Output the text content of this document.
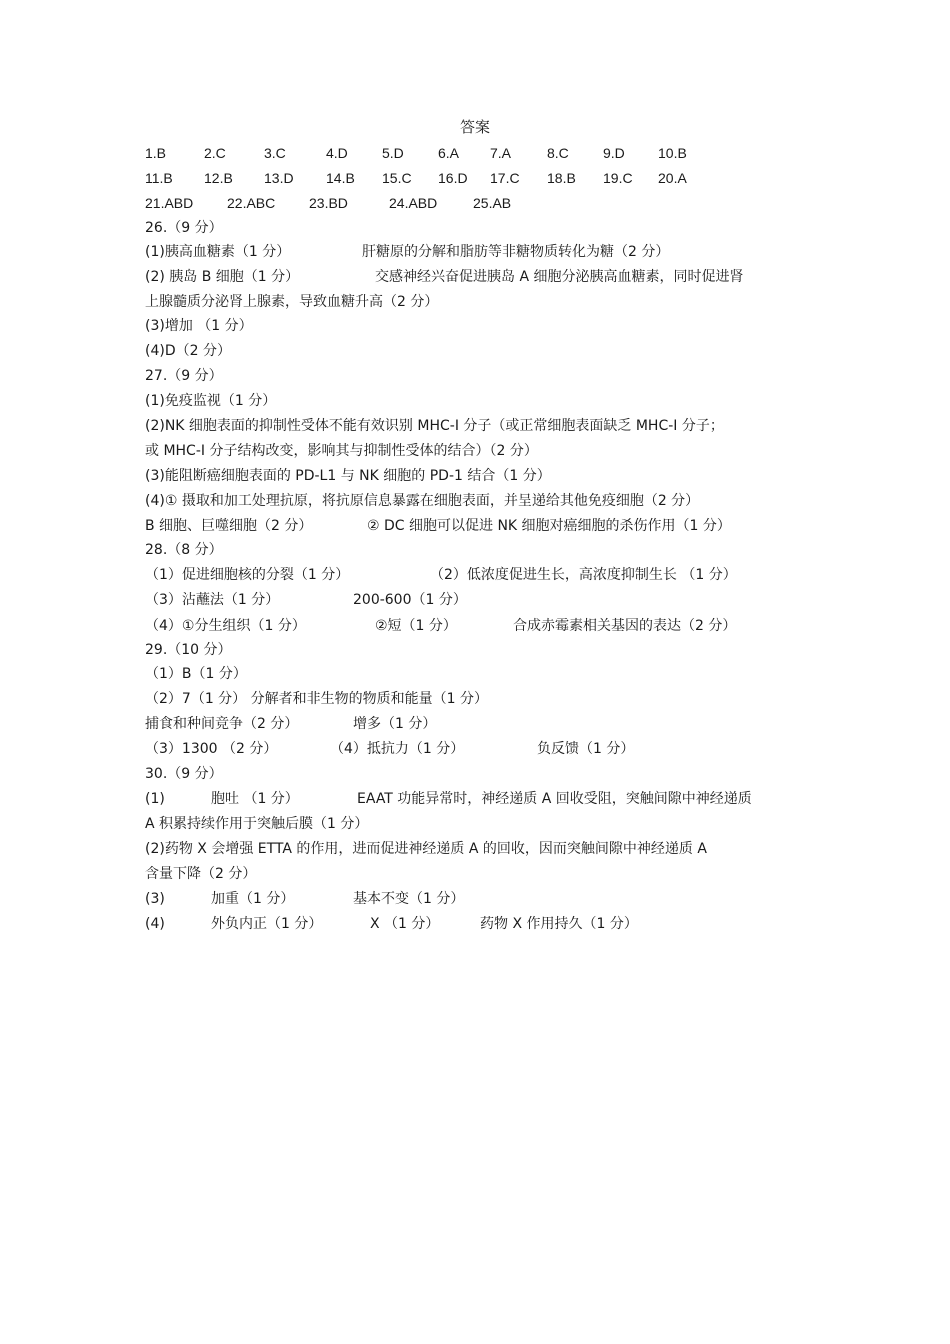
答案
1.B	2.C	3.C	4.D 5.D 6.A 7.A	8.C 9.D 10.B
11.B 12.B 13.D 14.B 15.C 16.D 17.C 18.B 19.C 20.A
21.ABD 22.ABC 23.BD	24.ABD	25.AB
26.（9 分）
(1)胰高血糖素（1 分）	肝糖原的分解和脂肪等非糖物质转化为糖（2 分）
(2) 胰岛 B 细胞（1 分）	交感神经兴奋促进胰岛 A 细胞分泌胰高血糖素，同时促进肾
上腺髓质分泌肾上腺素，导致血糖升高（2 分）
(3)增加 （1 分）
(4)D（2 分）
27.（9 分）
(1)免疫监视（1 分）
(2)NK 细胞表面的抑制性受体不能有效识别 MHC-I 分子（或正常细胞表面缺乏 MHC-I 分子；
或 MHC-I 分子结构改变，影响其与抑制性受体的结合）（2 分）
(3)能阻断癌细胞表面的 PD-L1 与 NK 细胞的 PD-1 结合（1 分）
(4)① 摄取和加工处理抗原，将抗原信息暴露在细胞表面，并呈递给其他免疫细胞（2 分）
B 细胞、巨噬细胞（2 分）	② DC 细胞可以促进 NK 细胞对癌细胞的杀伤作用（1 分）
28.（8 分）
（1）促进细胞核的分裂（1 分）	（2）低浓度促进生长，高浓度抑制生长 （1 分）
（3）沾蘸法（1 分）	200-600（1 分）
（4）①分生组织（1 分）	②短（1 分）	合成赤霉素相关基因的表达（2 分）
29.（10 分）
（1）B（1 分）
（2）7（1 分） 分解者和非生物的物质和能量（1 分）
捕食和种间竞争（2 分）	增多（1 分）
（3）1300 （2 分）	（4）抵抗力（1 分）	负反馈（1 分）
30.（9 分）
(1)	胞吐 （1 分）	EAAT 功能异常时，神经递质 A 回收受阻，突触间隙中神经递质
A 积累持续作用于突触后膜（1 分）
(2)药物 X 会增强 ETTA 的作用，进而促进神经递质 A 的回收，因而突触间隙中神经递质 A
含量下降（2 分）
(3)	加重（1 分）	基本不变（1 分）
(4)	外负内正（1 分）	X （1 分）	药物 X 作用持久（1 分）
